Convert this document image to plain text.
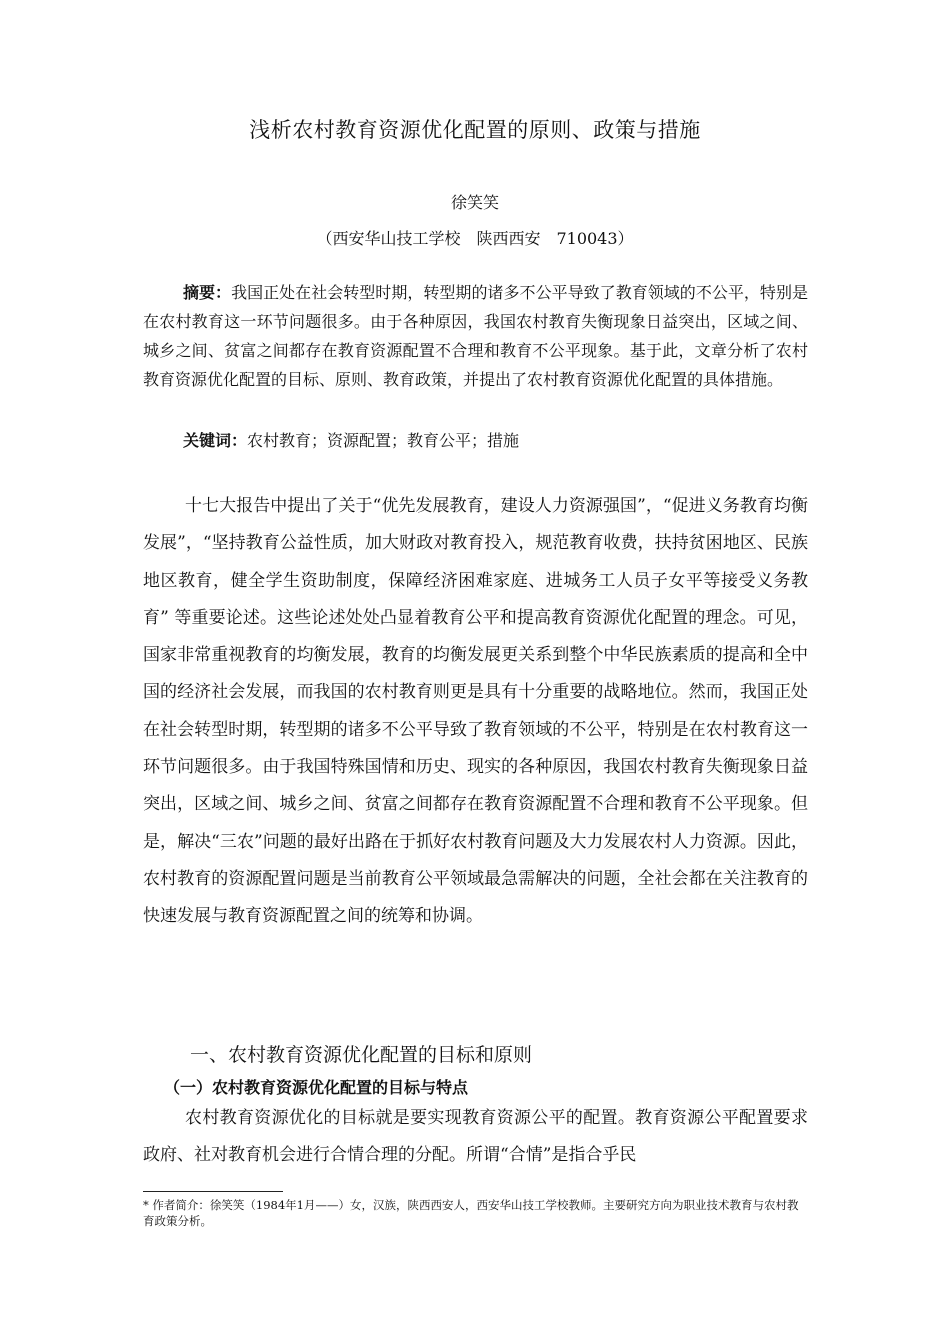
浅析农村教育资源优化配置的原则、政策与措施
徐笑笑
（西安华山技工学校　陕西西安　710043）
摘要：我国正处在社会转型时期，转型期的诸多不公平导致了教育领域的不公平，特别是在农村教育这一环节问题很多。由于各种原因，我国农村教育失衡现象日益突出，区域之间、城乡之间、贫富之间都存在教育资源配置不合理和教育不公平现象。基于此，文章分析了农村教育资源优化配置的目标、原则、教育政策，并提出了农村教育资源优化配置的具体措施。
关键词：农村教育；资源配置；教育公平；措施
十七大报告中提出了关于“优先发展教育，建设人力资源强国”，“促进义务教育均衡发展”，“坚持教育公益性质，加大财政对教育投入，规范教育收费，扶持贫困地区、民族地区教育，健全学生资助制度，保障经济困难家庭、进城务工人员子女平等接受义务教育” 等重要论述。这些论述处处凸显着教育公平和提高教育资源优化配置的理念。可见，国家非常重视教育的均衡发展，教育的均衡发展更关系到整个中华民族素质的提高和全中国的经济社会发展，而我国的农村教育则更是具有十分重要的战略地位。然而，我国正处在社会转型时期，转型期的诸多不公平导致了教育领域的不公平，特别是在农村教育这一环节问题很多。由于我国特殊国情和历史、现实的各种原因，我国农村教育失衡现象日益突出，区域之间、城乡之间、贫富之间都存在教育资源配置不合理和教育不公平现象。但是，解决“三农”问题的最好出路在于抓好农村教育问题及大力发展农村人力资源。因此，农村教育的资源配置问题是当前教育公平领域最急需解决的问题，全社会都在关注教育的快速发展与教育资源配置之间的统筹和协调。
一、农村教育资源优化配置的目标和原则
（一）农村教育资源优化配置的目标与特点
农村教育资源优化的目标就是要实现教育资源公平的配置。教育资源公平配置要求政府、社对教育机会进行合情合理的分配。所谓“合情”是指合乎民
* 作者简介：徐笑笑（1984年1月——）女，汉族，陕西西安人，西安华山技工学校教师。主要研究方向为职业技术教育与农村教育政策分析。
